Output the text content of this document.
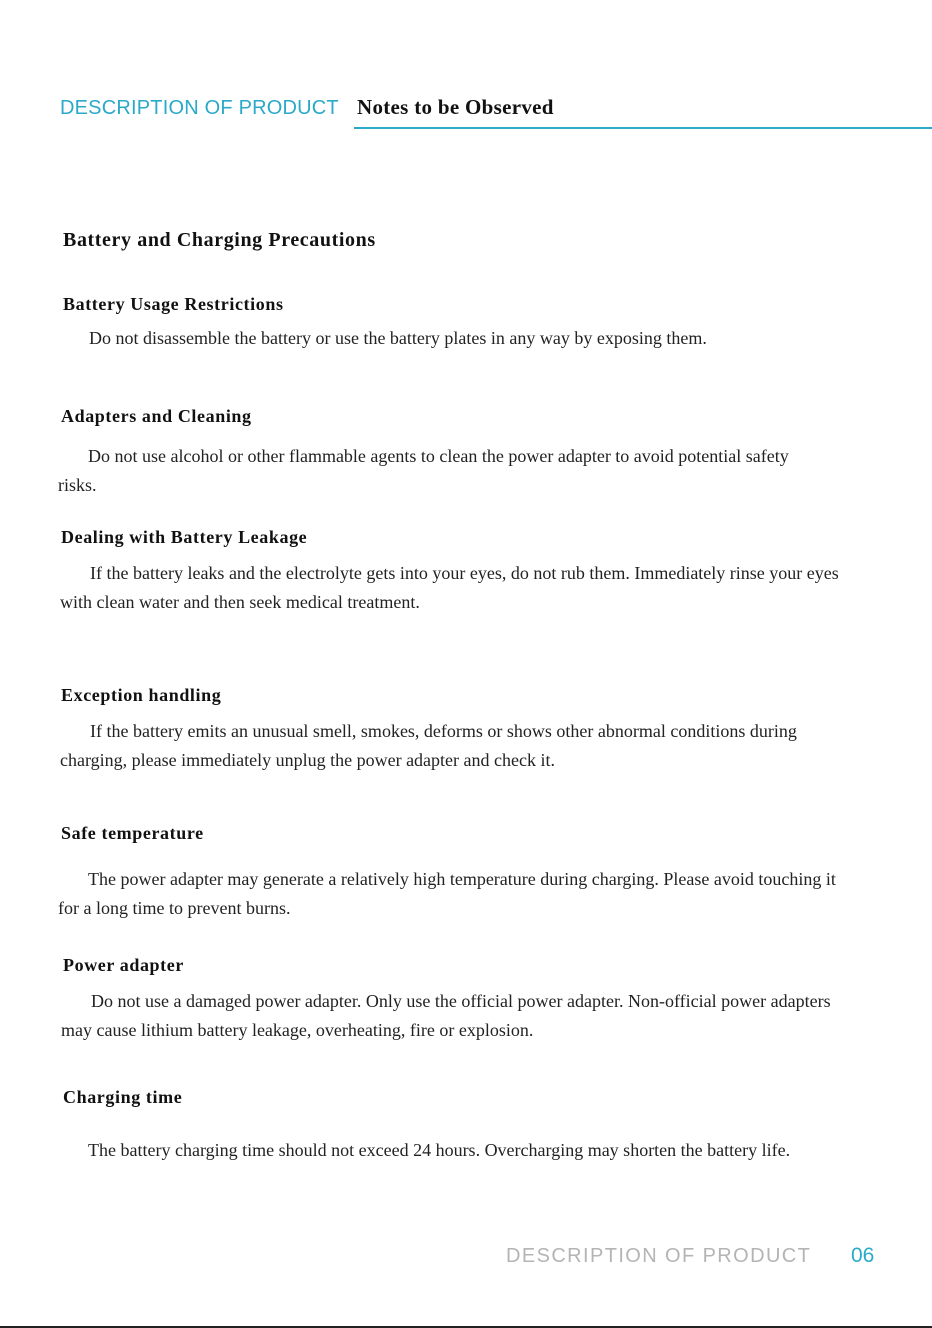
DESCRIPTION OF PRODUCT Notes to be Observed
Battery and Charging Precautions
Battery Usage Restrictions

Do not disassemble the battery or use the battery plates in any way by exposing them.

Adapters and Cleaning

Do not use alcohol or other flammable agents to clean the power adapter to avoid potential safety risks.

Dealing with Battery Leakage

If the battery leaks and the electrolyte gets into your eyes, do not rub them. Immediately rinse your eyes with clean water and then seek medical treatment.

Exception handling

If the battery emits an unusual smell, smokes, deforms or shows other abnormal conditions during charging, please immediately unplug the power adapter and check it.

Safe temperature

The power adapter may generate a relatively high temperature during charging. Please avoid touching it for a long time to prevent burns.

Power adapter

Do not use a damaged power adapter. Only use the official power adapter. Non-official power adapters may cause lithium battery leakage, overheating, fire or explosion.

Charging time

The battery charging time should not exceed 24 hours. Overcharging may shorten the battery life.

DESCRIPTION OF PRODUCT 06
